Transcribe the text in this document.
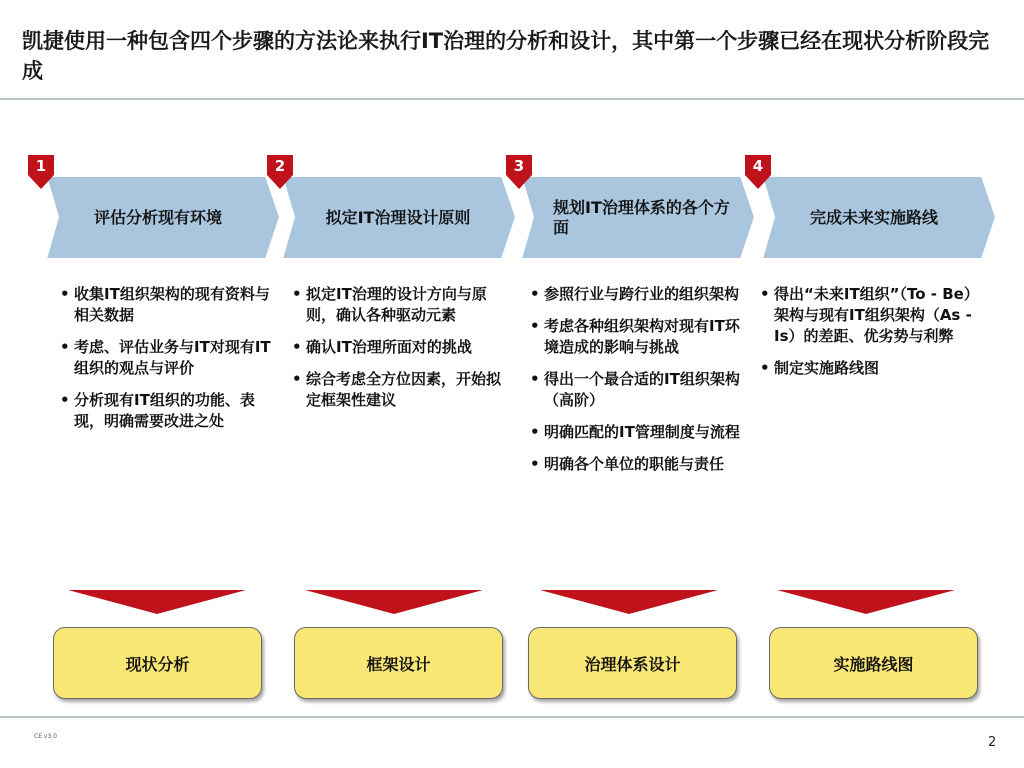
凯捷使用一种包含四个步骤的方法论来执行IT治理的分析和设计，其中第一个步骤已经在现状分析阶段完成
评估分析现有环境	拟定IT治理设计原则
规划IT治理体系的各个方面
完成未来实施路线
1	2	3	4
• 收集IT组织架构的现有资料与相关数据
• 考虑、评估业务与IT对现有IT组织的观点与评价
• 分析现有IT组织的功能、表现，明确需要改进之处
• 拟定IT治理的设计方向与原则，确认各种驱动元素
• 确认IT治理所面对的挑战
• 综合考虑全方位因素，开始拟定框架性建议
• 参照行业与跨行业的组织架构
• 考虑各种组织架构对现有IT环境造成的影响与挑战
• 得出一个最合适的IT组织架构（高阶）
• 明确匹配的IT管理制度与流程
• 明确各个单位的职能与责任
• 得出“未来IT组织”（To - Be）架构与现有IT组织架构（As - Is）的差距、优劣势与利弊
• 制定实施路线图
现状分析	框架设计	治理体系设计	实施路线图
CE v3.0	2
